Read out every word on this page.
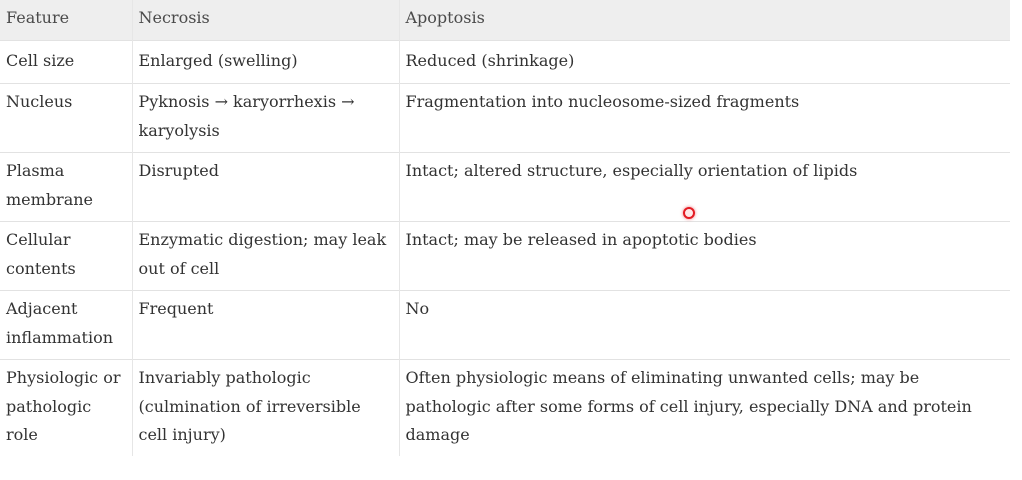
Feature	Necrosis	Apoptosis
Cell size	Enlarged (swelling)	Reduced (shrinkage)
Nucleus	Pyknosis → karyorrhexis → karyolysis	Fragmentation into nucleosome-sized fragments
Plasma membrane	Disrupted	Intact; altered structure, especially orientation of lipids
Cellular contents	Enzymatic digestion; may leak out of cell	Intact; may be released in apoptotic bodies
Adjacent inflammation	Frequent	No
Physiologic or pathologic role	Invariably pathologic (culmination of irreversible cell injury)	Often physiologic means of eliminating unwanted cells; may be pathologic after some forms of cell injury, especially DNA and protein damage
